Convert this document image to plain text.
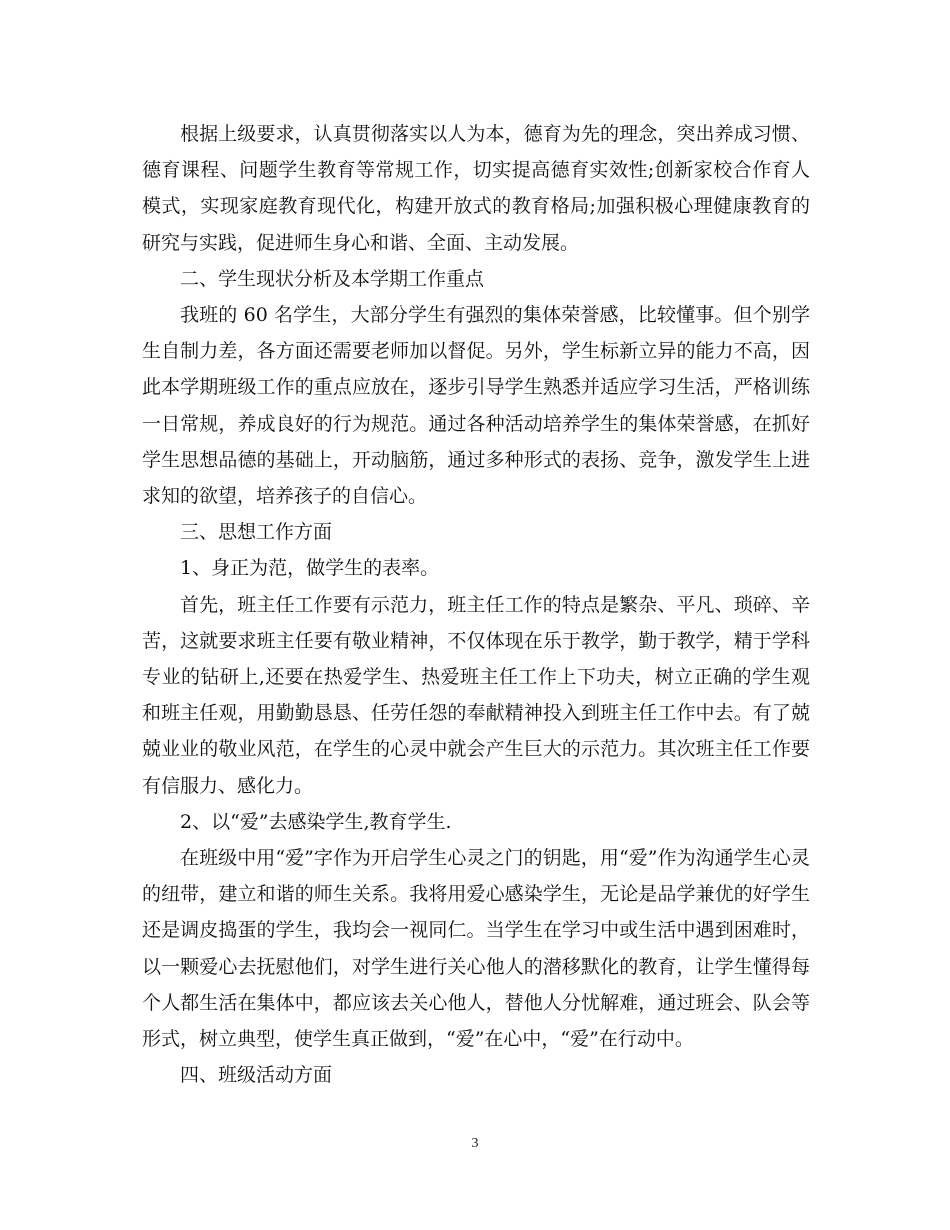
根据上级要求，认真贯彻落实以人为本，德育为先的理念，突出养成习惯、德育课程、问题学生教育等常规工作，切实提高德育实效性;创新家校合作育人模式，实现家庭教育现代化，构建开放式的教育格局;加强积极心理健康教育的研究与实践，促进师生身心和谐、全面、主动发展。

二、学生现状分析及本学期工作重点

我班的 60 名学生，大部分学生有强烈的集体荣誉感，比较懂事。但个别学生自制力差，各方面还需要老师加以督促。另外，学生标新立异的能力不高，因此本学期班级工作的重点应放在，逐步引导学生熟悉并适应学习生活，严格训练一日常规，养成良好的行为规范。通过各种活动培养学生的集体荣誉感，在抓好学生思想品德的基础上，开动脑筋，通过多种形式的表扬、竞争，激发学生上进求知的欲望，培养孩子的自信心。

三、思想工作方面

1、身正为范，做学生的表率。

首先，班主任工作要有示范力，班主任工作的特点是繁杂、平凡、琐碎、辛苦，这就要求班主任要有敬业精神，不仅体现在乐于教学，勤于教学，精于学科专业的钻研上,还要在热爱学生、热爱班主任工作上下功夫，树立正确的学生观和班主任观，用勤勤恳恳、任劳任怨的奉献精神投入到班主任工作中去。有了兢兢业业的敬业风范，在学生的心灵中就会产生巨大的示范力。其次班主任工作要有信服力、感化力。

2、以“爱”去感染学生,教育学生.

在班级中用“爱”字作为开启学生心灵之门的钥匙，用“爱”作为沟通学生心灵的纽带，建立和谐的师生关系。我将用爱心感染学生，无论是品学兼优的好学生还是调皮捣蛋的学生，我均会一视同仁。当学生在学习中或生活中遇到困难时，以一颗爱心去抚慰他们，对学生进行关心他人的潜移默化的教育，让学生懂得每个人都生活在集体中，都应该去关心他人，替他人分忧解难，通过班会、队会等形式，树立典型，使学生真正做到，“爱”在心中，“爱”在行动中。

四、班级活动方面

3
